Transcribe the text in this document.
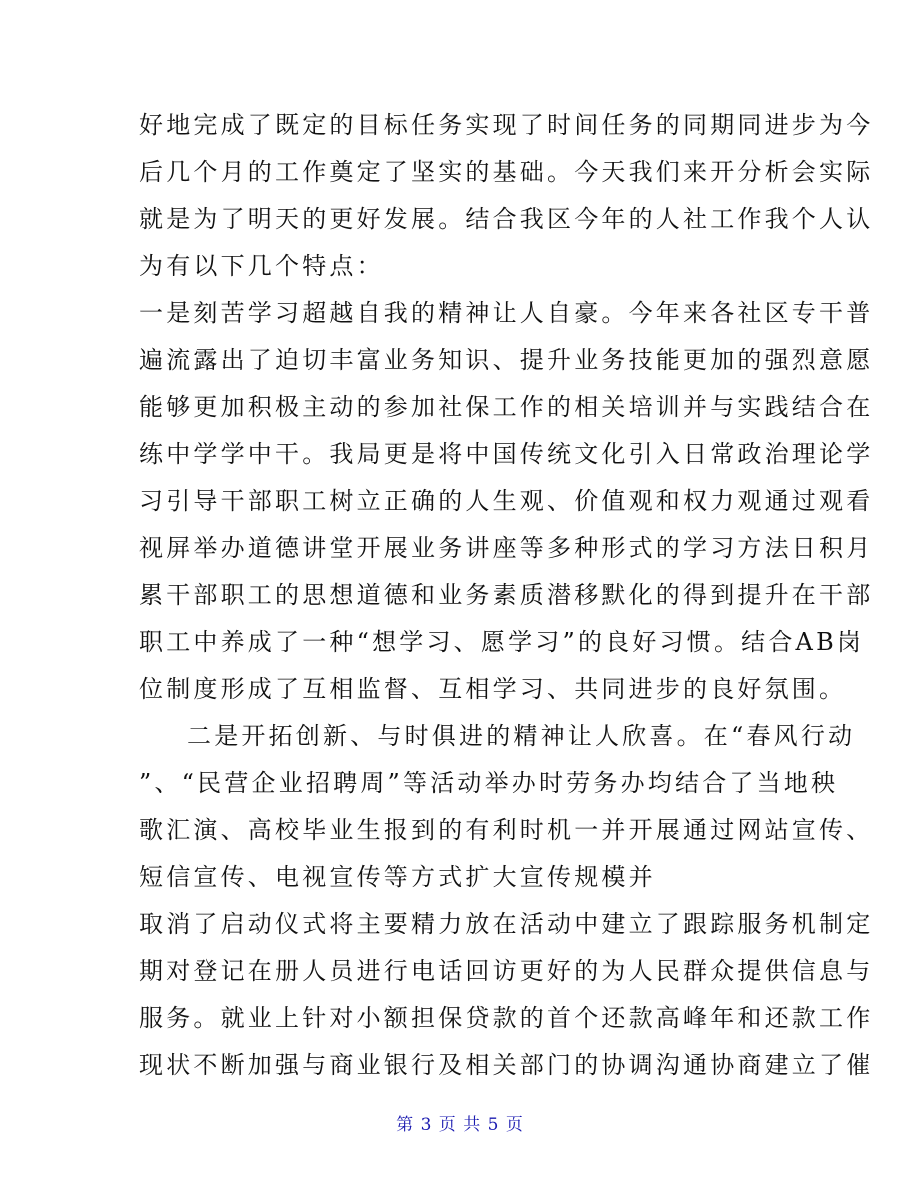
好地完成了既定的目标任务实现了时间任务的同期同进步为今
后几个月的工作奠定了坚实的基础。今天我们来开分析会实际
就是为了明天的更好发展。结合我区今年的人社工作我个人认
为有以下几个特点：
一是刻苦学习超越自我的精神让人自豪。今年来各社区专干普
遍流露出了迫切丰富业务知识、提升业务技能更加的强烈意愿
能够更加积极主动的参加社保工作的相关培训并与实践结合在
练中学学中干。我局更是将中国传统文化引入日常政治理论学
习引导干部职工树立正确的人生观、价值观和权力观通过观看
视屏举办道德讲堂开展业务讲座等多种形式的学习方法日积月
累干部职工的思想道德和业务素质潜移默化的得到提升在干部
职工中养成了一种“想学习、愿学习”的良好习惯。结合AB岗
位制度形成了互相监督、互相学习、共同进步的良好氛围。
二是开拓创新、与时俱进的精神让人欣喜。在“春风行动
”、“民营企业招聘周”等活动举办时劳务办均结合了当地秧
歌汇演、高校毕业生报到的有利时机一并开展通过网站宣传、
短信宣传、电视宣传等方式扩大宣传规模并
取消了启动仪式将主要精力放在活动中建立了跟踪服务机制定
期对登记在册人员进行电话回访更好的为人民群众提供信息与
服务。就业上针对小额担保贷款的首个还款高峰年和还款工作
现状不断加强与商业银行及相关部门的协调沟通协商建立了催
第 3 页 共 5 页
